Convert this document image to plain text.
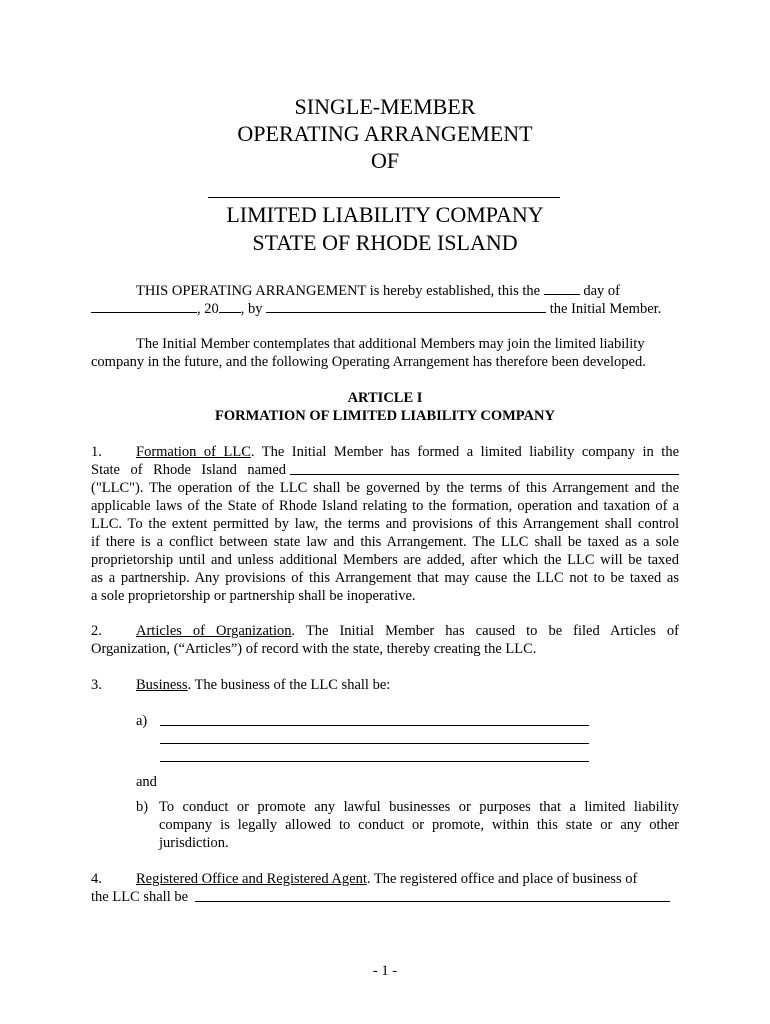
SINGLE-MEMBER
OPERATING ARRANGEMENT
OF
LIMITED LIABILITY COMPANY
STATE OF RHODE ISLAND
THIS OPERATING ARRANGEMENT is hereby established, this the	day of
, 20 , by	the Initial Member.
The Initial Member contemplates that additional Members may join the limited liability
company in the future, and the following Operating Arrangement has therefore been developed.
ARTICLE I
FORMATION OF LIMITED LIABILITY COMPANY
1. Formation of LLC. The Initial Member has formed a limited liability company in the
State of Rhode Island named
("LLC"). The operation of the LLC shall be governed by the terms of this Arrangement and the
applicable laws of the State of Rhode Island relating to the formation, operation and taxation of a
LLC. To the extent permitted by law, the terms and provisions of this Arrangement shall control
if there is a conflict between state law and this Arrangement. The LLC shall be taxed as a sole
proprietorship until and unless additional Members are added, after which the LLC will be taxed
as a partnership. Any provisions of this Arrangement that may cause the LLC not to be taxed as
a sole proprietorship or partnership shall be inoperative.
2. Articles of Organization. The Initial Member has caused to be filed Articles of
Organization, (“Articles”) of record with the state, thereby creating the LLC.
3. Business. The business of the LLC shall be:
a)
and
b) To conduct or promote any lawful businesses or purposes that a limited liability
company is legally allowed to conduct or promote, within this state or any other
jurisdiction.
4. Registered Office and Registered Agent. The registered office and place of business of
the LLC shall be
- 1 -
